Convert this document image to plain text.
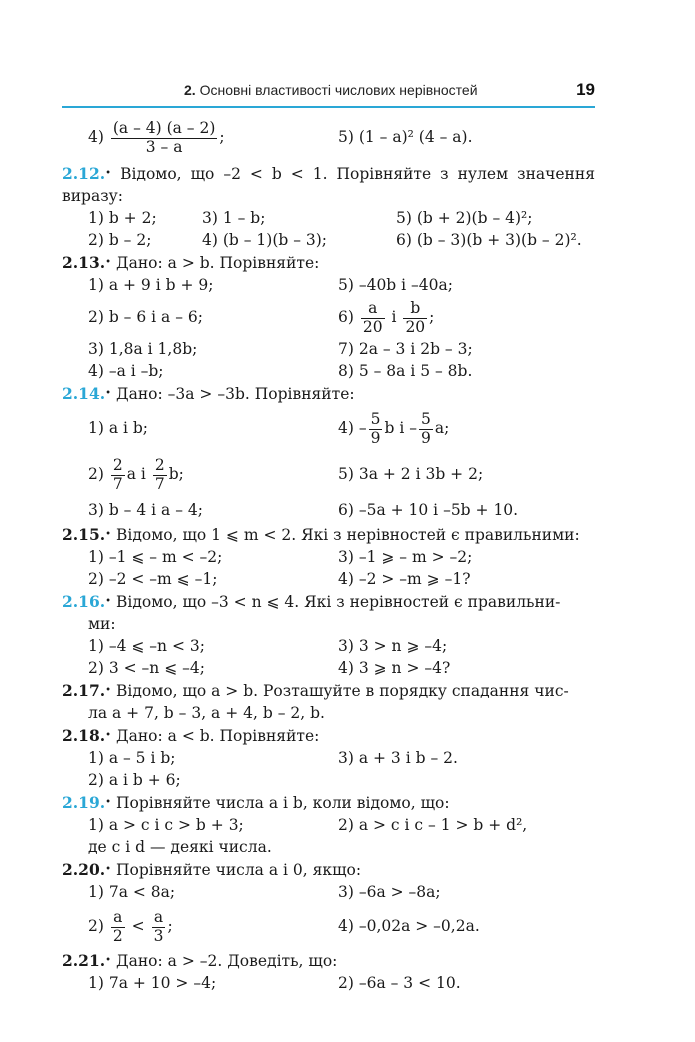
2. Основні властивості числових нерівностей	19
$4) \frac{(a - 4) (a - 2)}{3 - a}$ ;	5) (1 – a)² (4 – a).
2.12.• Відомо, що –2 < b < 1. Порівняйте з нулем значення виразу:
1) b + 2;	3) 1 – b;	5) (b + 2)(b – 4)²;
2) b – 2;	4) (b – 1)(b – 3);	6) (b – 3)(b + 3)(b – 2)².
2.13.• Дано: a > b. Порівняйте:
1) a + 9 і b + 9;	5) –40b і –40a;
2) b – 6 і a – 6;	$6) \frac{a}{20}$ і $\frac{b}{20}$ ;
3) 1,8a і 1,8b;	7) 2a – 3 і 2b – 3;
4) –a і –b;	8) 5 – 8a і 5 – 8b.
2.14.• Дано: –3a > –3b. Порівняйте:
1) a і b;	$4) - \frac{5}{9}$ b і – $\frac{5}{9} a$;
$2) \frac{2}{7}$ a і $\frac{2}{7} b$;	5) 3a + 2 і 3b + 2;
3) b – 4 і a – 4;	6) –5a + 10 і –5b + 10.
2.15.• Відомо, що 1 ⩽ m < 2. Які з нерівностей є правильними:
1) –1 ⩽ – m < –2;	3) –1 ⩾ – m > –2;
2) –2 < –m ⩽ –1;	4) –2 > –m ⩾ –1?
2.16.• Відомо, що –3 < n ⩽ 4. Які з нерівностей є правильни-
ми:
1) –4 ⩽ –n < 3;	3) 3 > n ⩾ –4;
2) 3 < –n ⩽ –4;	4) 3 ⩾ n > –4?
2.17.• Відомо, що a > b. Розташуйте в порядку спадання чис-
ла a + 7, b – 3, a + 4, b – 2, b.
2.18.• Дано: a < b. Порівняйте:
1) a – 5 і b;	3) a + 3 і b – 2.
2) a і b + 6;
2.19.• Порівняйте числа a і b, коли відомо, що:
1) a > c і c > b + 3;	2) a > c і c – 1 > b + d²,
де c і d — деякі числа.
2.20.• Порівняйте числа a і 0, якщо:
1) 7a < 8a;	3) –6a > –8a;
$2) \frac{a}{2} < \frac{a}{3}$ ;	4) –0,02a > –0,2a.
2.21.• Дано: a > –2. Доведіть, що:
1) 7a + 10 > –4;	2) –6a – 3 < 10.
